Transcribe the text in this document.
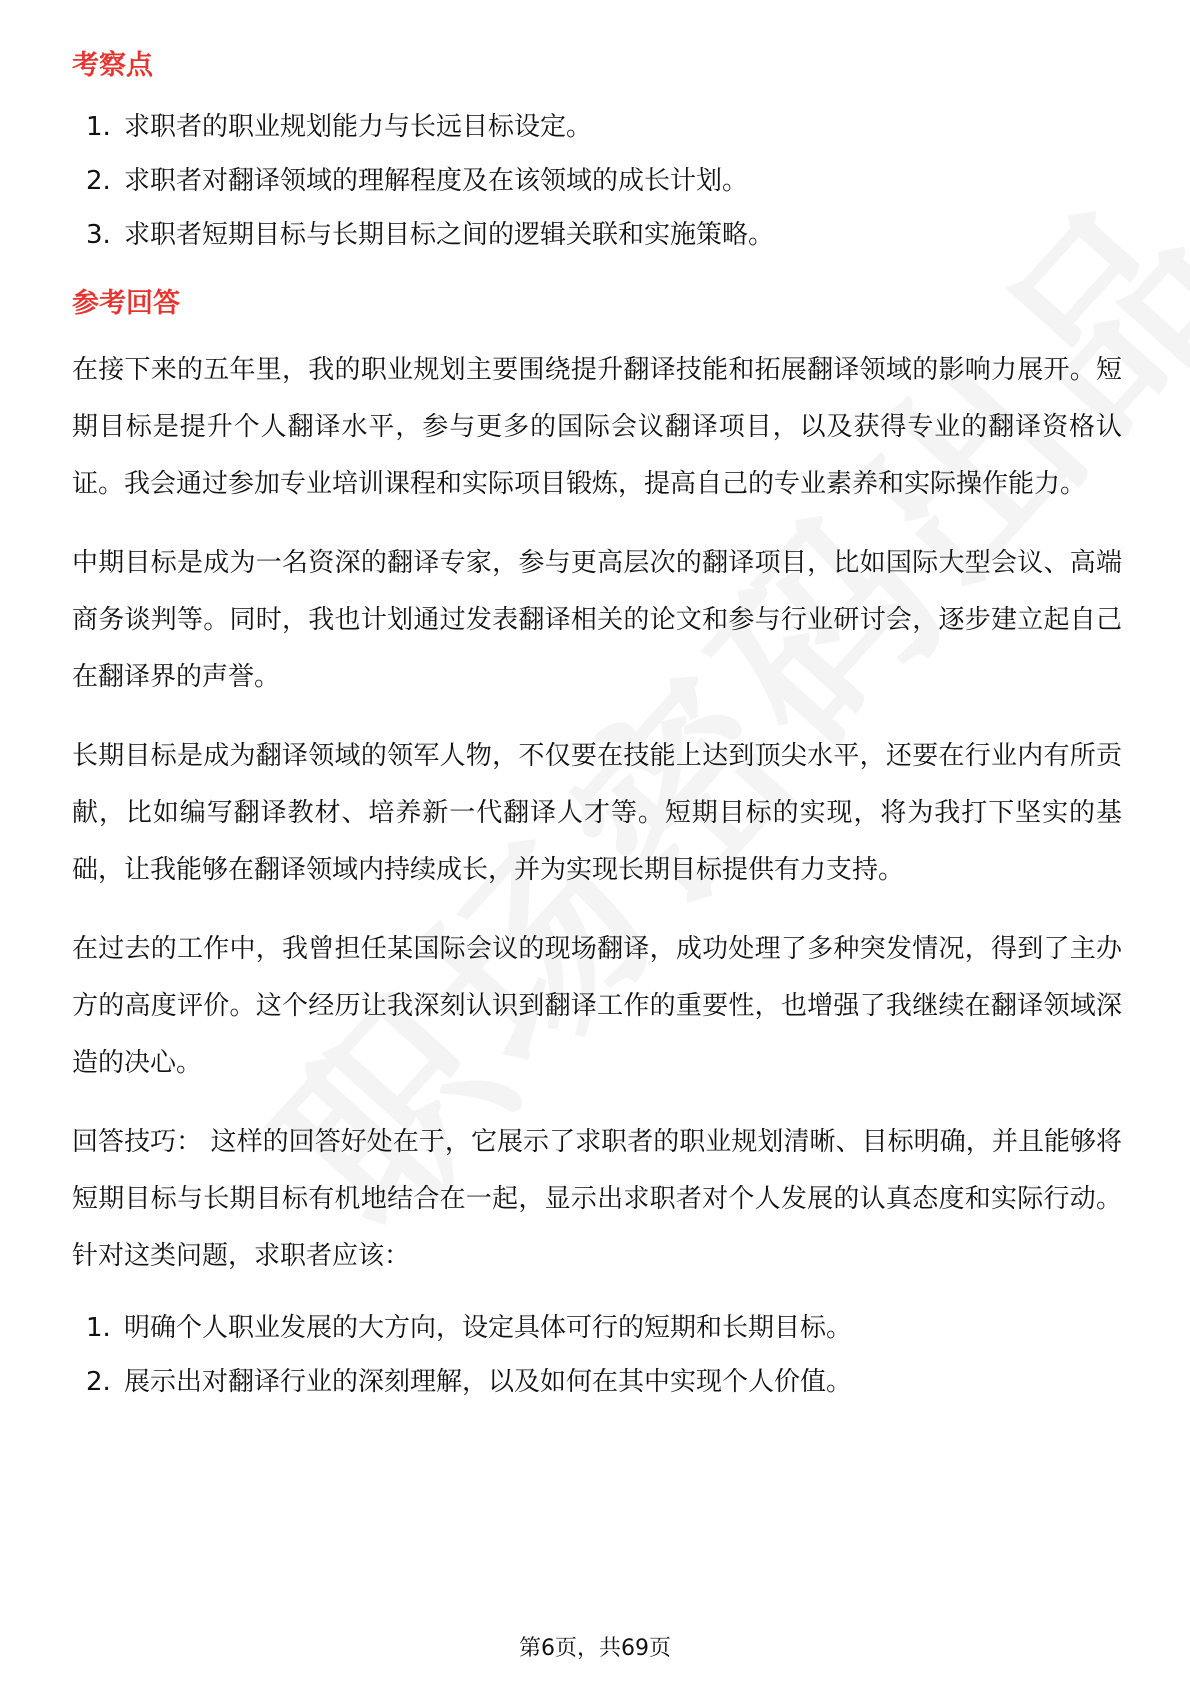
考察点
1. 求职者的职业规划能力与长远目标设定。
2. 求职者对翻译领域的理解程度及在该领域的成长计划。
3. 求职者短期目标与长期目标之间的逻辑关联和实施策略。
参考回答

在接下来的五年里，我的职业规划主要围绕提升翻译技能和拓展翻译领域的影响力展开。短期目标是提升个人翻译水平，参与更多的国际会议翻译项目，以及获得专业的翻译资格认证。我会通过参加专业培训课程和实际项目锻炼，提高自己的专业素养和实际操作能力。

中期目标是成为一名资深的翻译专家，参与更高层次的翻译项目，比如国际大型会议、高端商务谈判等。同时，我也计划通过发表翻译相关的论文和参与行业研讨会，逐步建立起自己在翻译界的声誉。

长期目标是成为翻译领域的领军人物，不仅要在技能上达到顶尖水平，还要在行业内有所贡献，比如编写翻译教材、培养新一代翻译人才等。短期目标的实现，将为我打下坚实的基础，让我能够在翻译领域内持续成长，并为实现长期目标提供有力支持。

在过去的工作中，我曾担任某国际会议的现场翻译，成功处理了多种突发情况，得到了主办方的高度评价。这个经历让我深刻认识到翻译工作的重要性，也增强了我继续在翻译领域深造的决心。

回答技巧： 这样的回答好处在于，它展示了求职者的职业规划清晰、目标明确，并且能够将短期目标与长期目标有机地结合在一起，显示出求职者对个人发展的认真态度和实际行动。针对这类问题，求职者应该：

1. 明确个人职业发展的大方向，设定具体可行的短期和长期目标。
2. 展示出对翻译行业的深刻理解，以及如何在其中实现个人价值。
第6页，共69页
